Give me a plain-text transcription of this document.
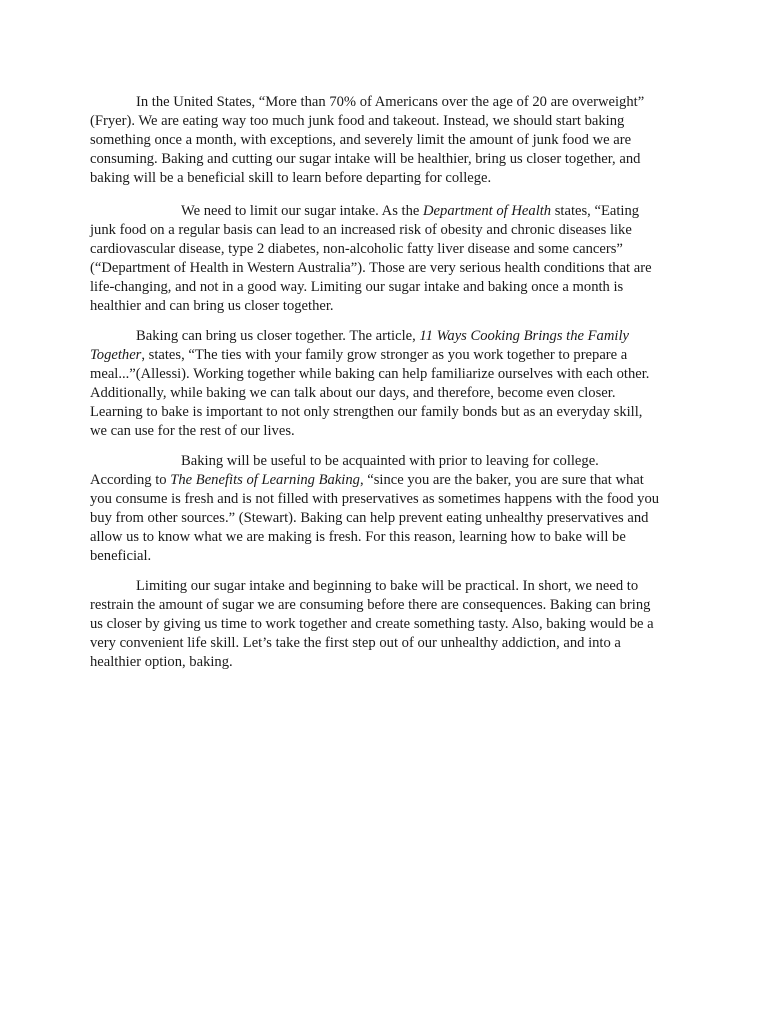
In the United States, “More than 70% of Americans over the age of 20 are overweight”
(Fryer). We are eating way too much junk food and takeout. Instead, we should start baking
something once a month, with exceptions, and severely limit the amount of junk food we are
consuming. Baking and cutting our sugar intake will be healthier, bring us closer together, and
baking will be a beneficial skill to learn before departing for college.

We need to limit our sugar intake. As the Department of Health states, “Eating
junk food on a regular basis can lead to an increased risk of obesity and chronic diseases like
cardiovascular disease, type 2 diabetes, non-alcoholic fatty liver disease and some cancers”
(“Department of Health in Western Australia”). Those are very serious health conditions that are
life-changing, and not in a good way. Limiting our sugar intake and baking once a month is
healthier and can bring us closer together.

Baking can bring us closer together. The article, 11 Ways Cooking Brings the Family
Together, states, “The ties with your family grow stronger as you work together to prepare a
meal...”(Allessi). Working together while baking can help familiarize ourselves with each other.
Additionally, while baking we can talk about our days, and therefore, become even closer.
Learning to bake is important to not only strengthen our family bonds but as an everyday skill,
we can use for the rest of our lives.

Baking will be useful to be acquainted with prior to leaving for college.
According to The Benefits of Learning Baking, “since you are the baker, you are sure that what
you consume is fresh and is not filled with preservatives as sometimes happens with the food you
buy from other sources.” (Stewart). Baking can help prevent eating unhealthy preservatives and
allow us to know what we are making is fresh. For this reason, learning how to bake will be
beneficial.

Limiting our sugar intake and beginning to bake will be practical. In short, we need to
restrain the amount of sugar we are consuming before there are consequences. Baking can bring
us closer by giving us time to work together and create something tasty. Also, baking would be a
very convenient life skill. Let’s take the first step out of our unhealthy addiction, and into a
healthier option, baking.
